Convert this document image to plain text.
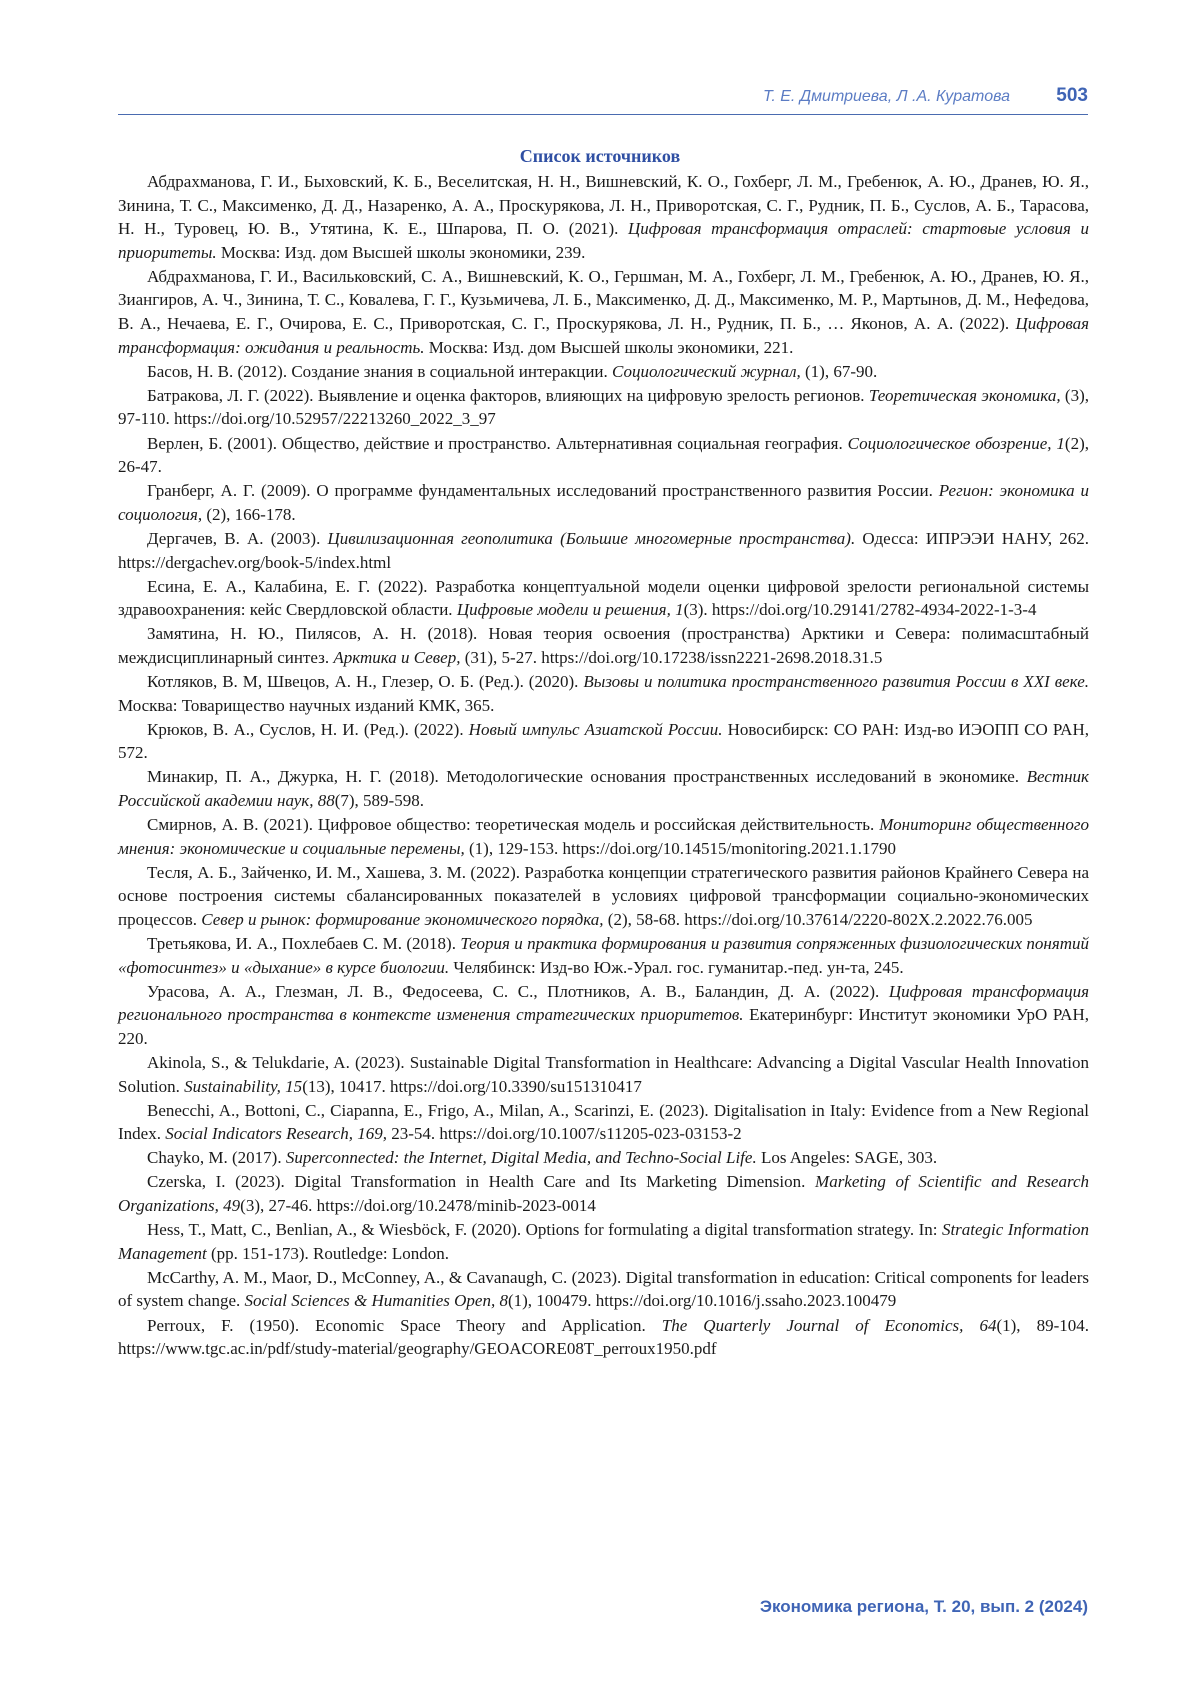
Т. Е. Дмитриева, Л .А. Куратова 503
Список источников

Абдрахманова, Г. И., Быховский, К. Б., Веселитская, Н. Н., Вишневский, К. О., Гохберг, Л. М., Гребенюк, А. Ю., Дранев, Ю. Я., Зинина, Т. С., Максименко, Д. Д., Назаренко, А. А., Проскурякова, Л. Н., Приворотская, С. Г., Рудник, П. Б., Суслов, А. Б., Тарасова, Н. Н., Туровец, Ю. В., Утятина, К. Е., Шпарова, П. О. (2021). Цифровая трансформация отраслей: стартовые условия и приоритеты. Москва: Изд. дом Высшей школы экономики, 239.

Абдрахманова, Г. И., Васильковский, С. А., Вишневский, К. О., Гершман, М. А., Гохберг, Л. М., Гребенюк, А. Ю., Дранев, Ю. Я., Зиангиров, А. Ч., Зинина, Т. С., Ковалева, Г. Г., Кузьмичева, Л. Б., Максименко, Д. Д., Максименко, М. Р., Мартынов, Д. М., Нефедова, В. А., Нечаева, Е. Г., Очирова, Е. С., Приворотская, С. Г., Проскурякова, Л. Н., Рудник, П. Б., … Яконов, А. А. (2022). Цифровая трансформация: ожидания и реальность. Москва: Изд. дом Высшей школы экономики, 221.

Басов, Н. В. (2012). Создание знания в социальной интеракции. Социологический журнал, (1), 67-90.

Батракова, Л. Г. (2022). Выявление и оценка факторов, влияющих на цифровую зрелость регионов. Теоретическая экономика, (3), 97-110. https://doi.org/10.52957/22213260_2022_3_97

Верлен, Б. (2001). Общество, действие и пространство. Альтернативная социальная география. Социологическое обозрение, 1(2), 26-47.

Гранберг, А. Г. (2009). О программе фундаментальных исследований пространственного развития России. Регион: экономика и социология, (2), 166-178.

Дергачев, В. А. (2003). Цивилизационная геополитика (Большие многомерные пространства). Одесса: ИПРЭЭИ НАНУ, 262. https://dergachev.org/book-5/index.html

Есина, Е. А., Калабина, Е. Г. (2022). Разработка концептуальной модели оценки цифровой зрелости региональной системы здравоохранения: кейс Свердловской области. Цифровые модели и решения, 1(3). https://doi.org/10.29141/2782-4934-2022-1-3-4

Замятина, Н. Ю., Пилясов, А. Н. (2018). Новая теория освоения (пространства) Арктики и Севера: полимасштабный междисциплинарный синтез. Арктика и Север, (31), 5-27. https://doi.org/10.17238/issn2221-2698.2018.31.5

Котляков, В. М, Швецов, А. Н., Глезер, О. Б. (Ред.). (2020). Вызовы и политика пространственного развития России в XXI веке. Москва: Товарищество научных изданий КМК, 365.

Крюков, В. А., Суслов, Н. И. (Ред.). (2022). Новый импульс Азиатской России. Новосибирск: СО РАН: Изд-во ИЭОПП СО РАН, 572.

Минакир, П. А., Джурка, Н. Г. (2018). Методологические основания пространственных исследований в экономике. Вестник Российской академии наук, 88(7), 589-598.

Смирнов, А. В. (2021). Цифровое общество: теоретическая модель и российская действительность. Мониторинг общественного мнения: экономические и социальные перемены, (1), 129-153. https://doi.org/10.14515/monitoring.2021.1.1790

Тесля, А. Б., Зайченко, И. М., Хашева, З. М. (2022). Разработка концепции стратегического развития районов Крайнего Севера на основе построения системы сбалансированных показателей в условиях цифровой трансформации социально-экономических процессов. Север и рынок: формирование экономического порядка, (2), 58-68. https://doi.org/10.37614/2220-802X.2.2022.76.005

Третьякова, И. А., Похлебаев С. М. (2018). Теория и практика формирования и развития сопряженных физиологических понятий «фотосинтез» и «дыхание» в курсе биологии. Челябинск: Изд-во Юж.-Урал. гос. гуманитар.-пед. ун-та, 245.

Урасова, А. А., Глезман, Л. В., Федосеева, С. С., Плотников, А. В., Баландин, Д. А. (2022). Цифровая трансформация регионального пространства в контексте изменения стратегических приоритетов. Екатеринбург: Институт экономики УрО РАН, 220.

Akinola, S., & Telukdarie, A. (2023). Sustainable Digital Transformation in Healthcare: Advancing a Digital Vascular Health Innovation Solution. Sustainability, 15(13), 10417. https://doi.org/10.3390/su151310417

Benecchi, A., Bottoni, C., Ciapanna, E., Frigo, A., Milan, A., Scarinzi, E. (2023). Digitalisation in Italy: Evidence from a New Regional Index. Social Indicators Research, 169, 23-54. https://doi.org/10.1007/s11205-023-03153-2

Chayko, M. (2017). Superconnected: the Internet, Digital Media, and Techno-Social Life. Los Angeles: SAGE, 303.

Czerska, I. (2023). Digital Transformation in Health Care and Its Marketing Dimension. Marketing of Scientific and Research Organizations, 49(3), 27-46. https://doi.org/10.2478/minib-2023-0014

Hess, T., Matt, C., Benlian, A., & Wiesböck, F. (2020). Options for formulating a digital transformation strategy. In: Strategic Information Management (pp. 151-173). Routledge: London.

McCarthy, A. M., Maor, D., McConney, A., & Cavanaugh, C. (2023). Digital transformation in education: Critical components for leaders of system change. Social Sciences & Humanities Open, 8(1), 100479. https://doi.org/10.1016/j.ssaho.2023.100479

Perroux, F. (1950). Economic Space Theory and Application. The Quarterly Journal of Economics, 64(1), 89-104. https://www.tgc.ac.in/pdf/study-material/geography/GEOACORE08T_perroux1950.pdf

Экономика региона, Т. 20, вып. 2 (2024)
